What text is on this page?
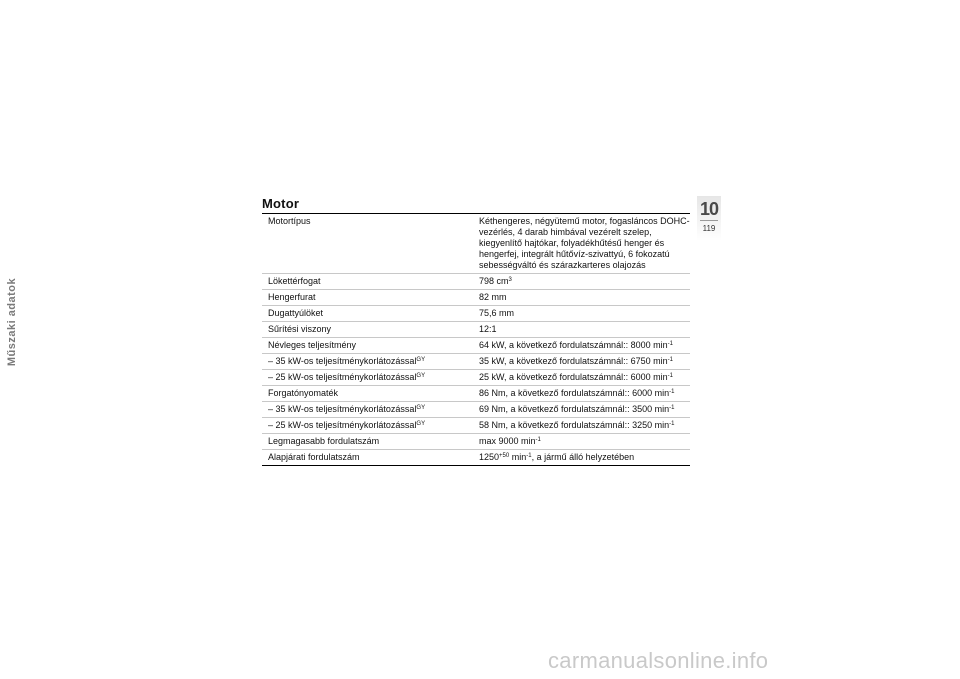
Motor
Motortípus	Kéthengeres, négyütemű motor, fogasláncos DOHC-vezérlés, 4 darab himbával vezérelt szelep, kiegyenlítő hajtókar, folyadékhűtésű henger és hengerfej, integrált hűtővíz-szivattyú, 6 fokozatú sebességváltó és szárazkarteres olajozás
Lökettérfogat	798 $cm^3$
Hengerfurat	82 mm
Dugattyúlöket	75,6 mm
Sűrítési viszony	12:1
Névleges teljesítmény	64 kW, a következő fordulatszámnál:: 8000 $\min^{-1}$
– 35 kW-os teljesítménykorlátozással$^{GY}$	35 kW, a következő fordulatszámnál:: 6750 $\min^{-1}$
– 25 kW-os teljesítménykorlátozással$^{GY}$	25 kW, a következő fordulatszámnál:: 6000 $\min^{-1}$
Forgatónyomaték	86 Nm, a következő fordulatszámnál:: 6000 $\min^{-1}$
– 35 kW-os teljesítménykorlátozással$^{GY}$	69 Nm, a következő fordulatszámnál:: 3500 $\min^{-1}$
– 25 kW-os teljesítménykorlátozással$^{GY}$	58 Nm, a következő fordulatszámnál:: 3250 $\min^{-1}$
Legmagasabb fordulatszám	max 9000 $\min^{-1}$
Alapjárati fordulatszám	$1250^{+50}$ $\min^{-1}$, a jármű álló helyzetében
10
119
Műszaki adatok
carmanualsonline.info
